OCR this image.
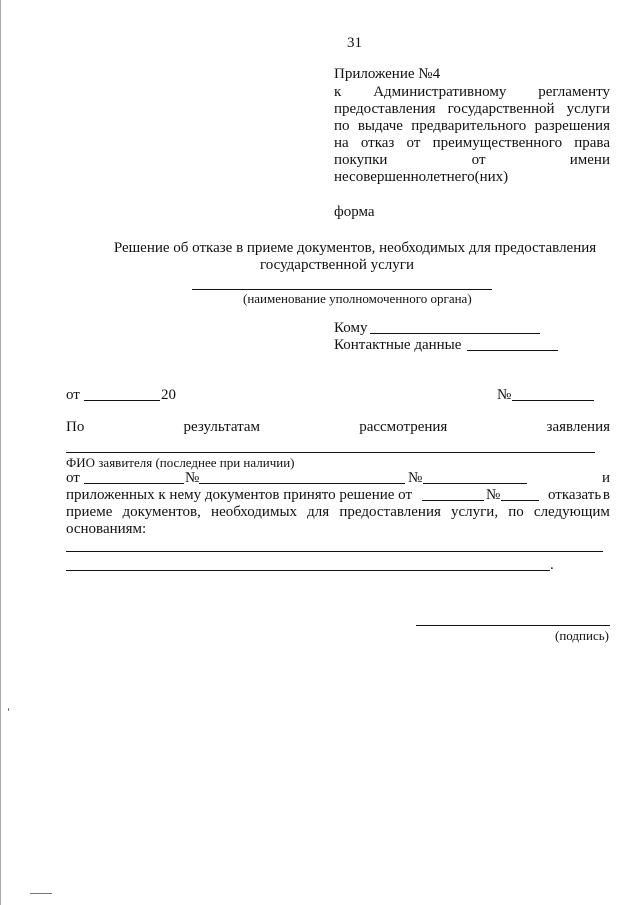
31
Приложение №4
к Административному регламенту
предоставления государственной услуги
по выдаче предварительного разрешения
на отказ от преимущественного права
покупки	от	имени
несовершеннолетнего(них)
форма
Решение об отказе в приеме документов, необходимых для предоставления
государственной услуги
(наименование уполномоченного органа)
Кому
Контактные данные
от	20	№
По	результатам	рассмотрения	заявления
ФИО заявителя (последнее при наличии)
от	№	№	и
приложенных к нему документов принято решение от	№	отказать в
приеме документов, необходимых для предоставления услуги, по следующим
основаниям:
.
(подпись)
